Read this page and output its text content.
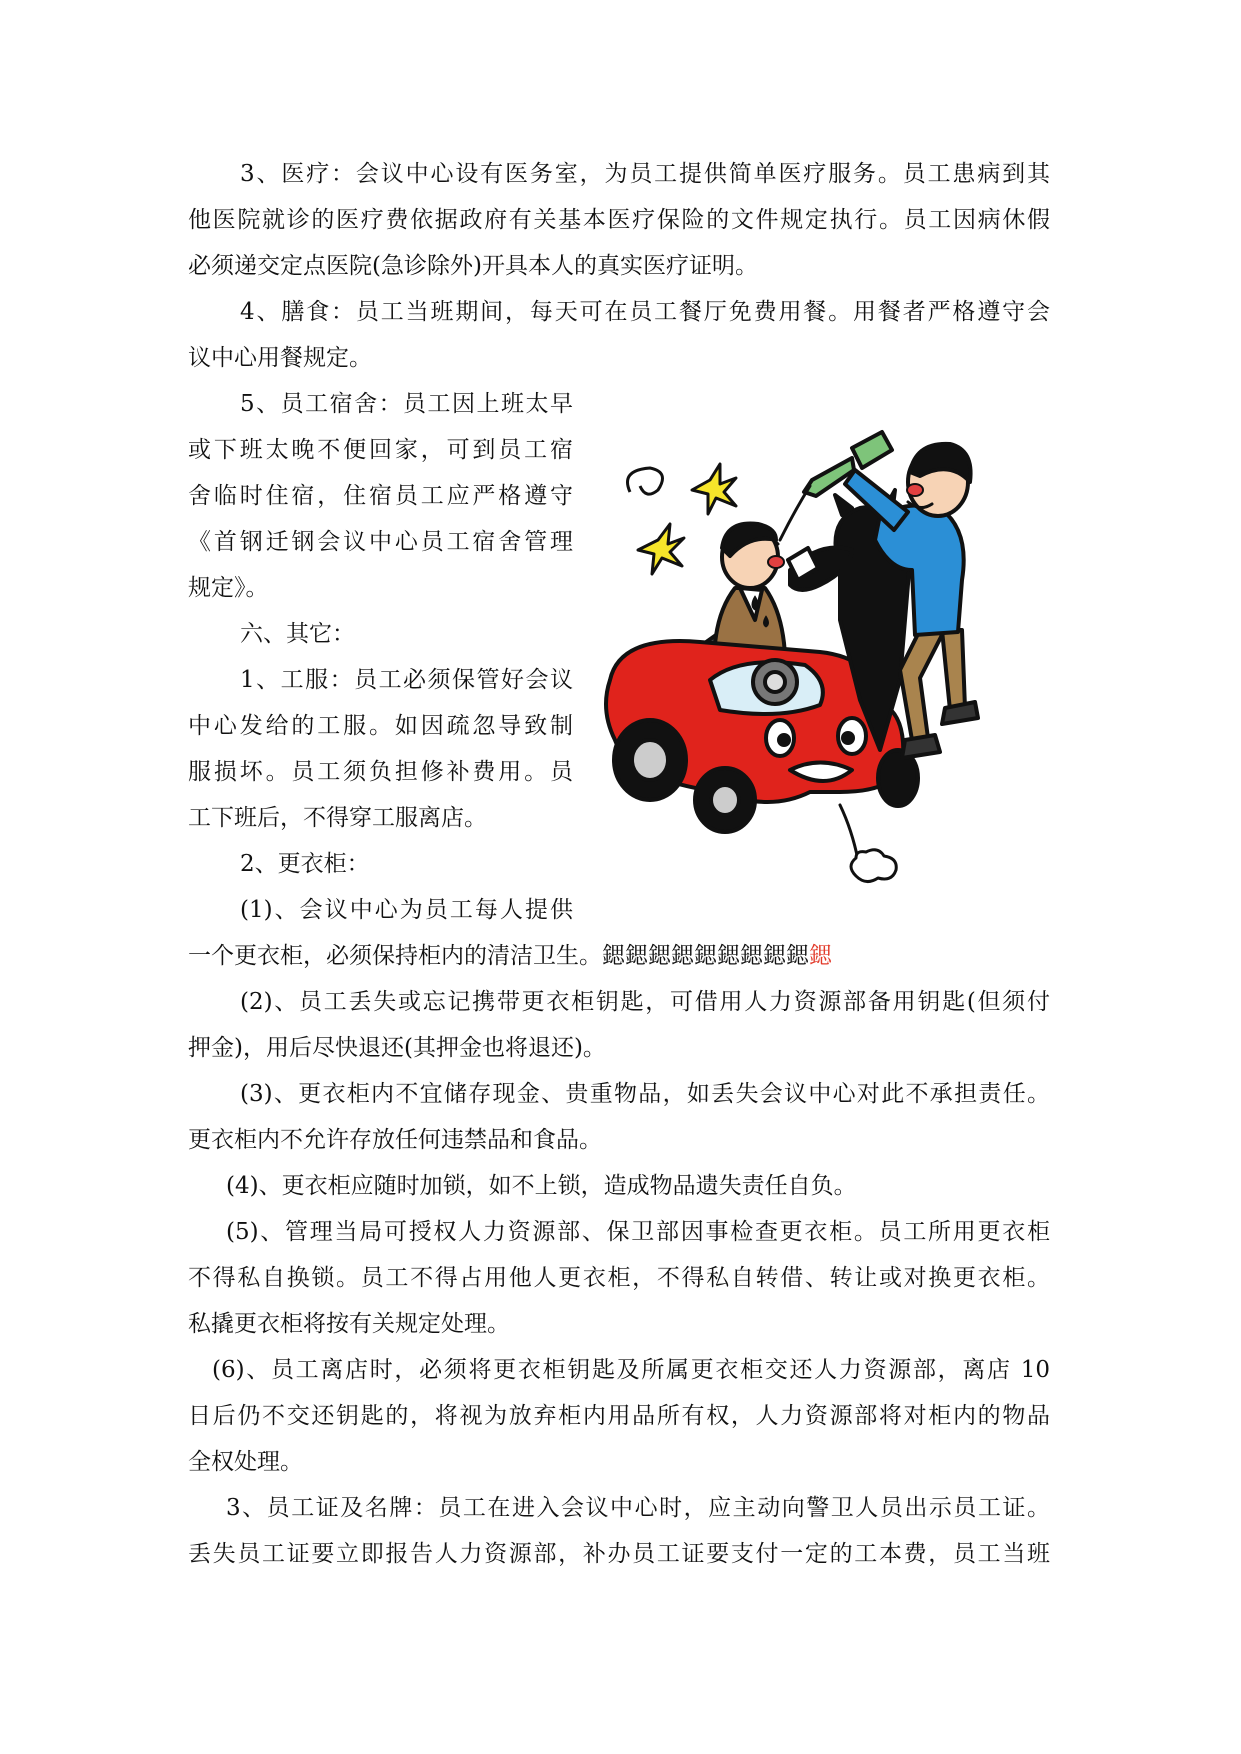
3、医疗：会议中心设有医务室，为员工提供简单医疗服务。员工患病到其
他医院就诊的医疗费依据政府有关基本医疗保险的文件规定执行。员工因病休假
必须递交定点医院(急诊除外)开具本人的真实医疗证明。
4、膳食：员工当班期间，每天可在员工餐厅免费用餐。用餐者严格遵守会
议中心用餐规定。
5、员工宿舍：员工因上班太早
或下班太晚不便回家，可到员工宿
舍临时住宿，住宿员工应严格遵守
《首钢迁钢会议中心员工宿舍管理
规定》。
六、其它：
1、工服：员工必须保管好会议
中心发给的工服。如因疏忽导致制
服损坏。员工须负担修补费用。员
工下班后，不得穿工服离店。
2、更衣柜：
(1)、会议中心为员工每人提供
一个更衣柜，必须保持柜内的清洁卫生。鍶鍶鍶鍶鍶鍶鍶鍶鍶鍶
(2)、员工丢失或忘记携带更衣柜钥匙，可借用人力资源部备用钥匙(但须付
押金)，用后尽快退还(其押金也将退还)。
(3)、更衣柜内不宜储存现金、贵重物品，如丢失会议中心对此不承担责任。
更衣柜内不允许存放任何违禁品和食品。
(4)、更衣柜应随时加锁，如不上锁，造成物品遗失责任自负。
(5)、管理当局可授权人力资源部、保卫部因事检查更衣柜。员工所用更衣柜
不得私自换锁。员工不得占用他人更衣柜，不得私自转借、转让或对换更衣柜。
私撬更衣柜将按有关规定处理。
(6)、员工离店时，必须将更衣柜钥匙及所属更衣柜交还人力资源部，离店 10
日后仍不交还钥匙的，将视为放弃柜内用品所有权，人力资源部将对柜内的物品
全权处理。
3、员工证及名牌：员工在进入会议中心时，应主动向警卫人员出示员工证。
丢失员工证要立即报告人力资源部，补办员工证要支付一定的工本费，员工当班
